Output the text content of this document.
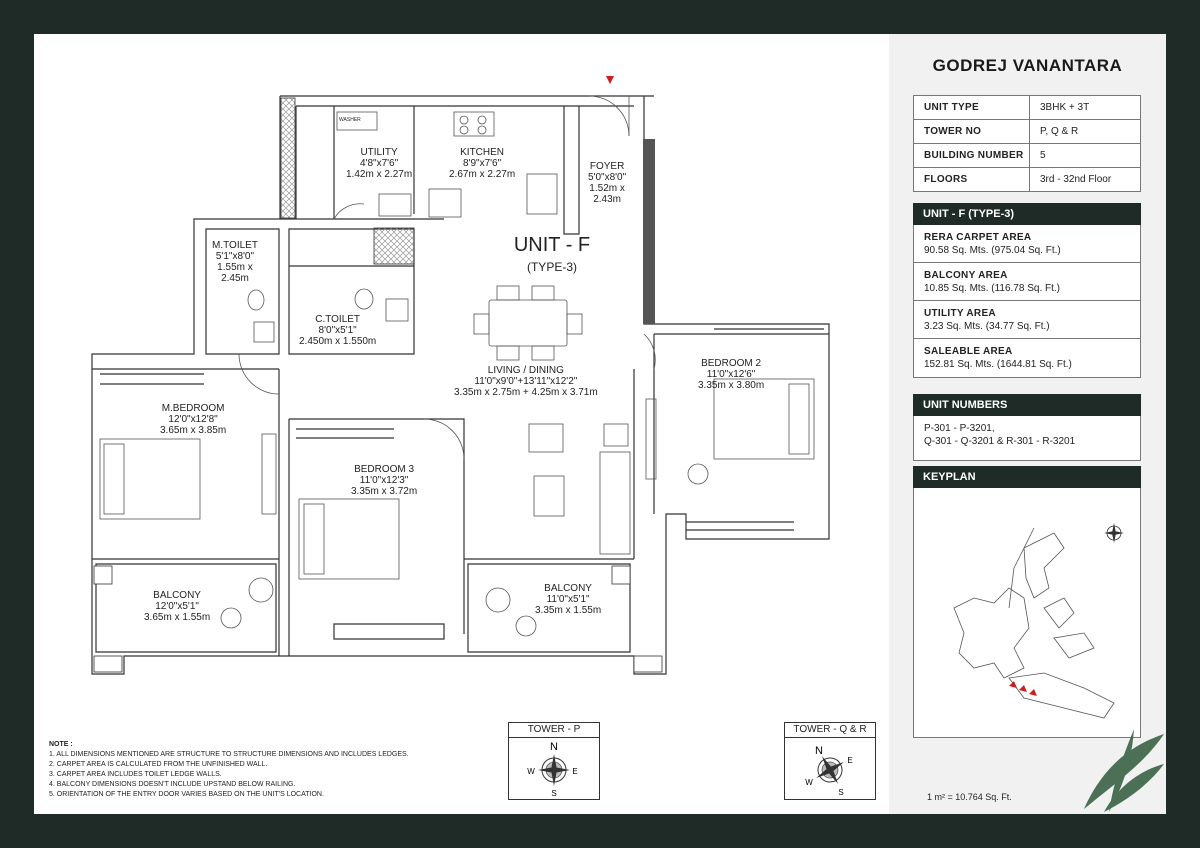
UTILITY
4'8"x7'6"
1.42m x 2.27m
KITCHEN
8'9"x7'6"
2.67m x 2.27m
FOYER
5'0"x8'0"
1.52m x
2.43m
M.TOILET
5'1"x8'0"
1.55m x
2.45m
C.TOILET
8'0"x5'1"
2.450m x 1.550m
UNIT - F
(TYPE-3)
LIVING / DINING
11'0"x9'0"+13'11"x12'2"
3.35m x 2.75m + 4.25m x 3.71m
BEDROOM 2
11'0"x12'6"
3.35m x 3.80m
M.BEDROOM
12'0"x12'8"
3.65m x 3.85m
BEDROOM 3
11'0"x12'3"
3.35m x 3.72m
BALCONY
12'0"x5'1"
3.65m x 1.55m
BALCONY
11'0"x5'1"
3.35m x 1.55m
WASHER
NOTE :
1. ALL DIMENSIONS MENTIONED ARE STRUCTURE TO STRUCTURE DIMENSIONS AND INCLUDES LEDGES.
2. CARPET AREA IS CALCULATED FROM THE UNFINISHED WALL.
3. CARPET AREA INCLUDES TOILET LEDGE WALLS.
4. BALCONY DIMENSIONS DOESN'T INCLUDE UPSTAND BELOW RAILING.
5. ORIENTATION OF THE ENTRY DOOR VARIES BASED ON THE UNIT'S LOCATION.
TOWER - P
N
S
E
W
TOWER - Q & R
N
S
E
W
GODREJ VANANTARA
UNIT TYPE	3BHK + 3T
TOWER NO	P, Q & R
BUILDING NUMBER	5
FLOORS	3rd - 32nd Floor
UNIT - F (TYPE-3)
RERA CARPET AREA
90.58 Sq. Mts. (975.04 Sq. Ft.)
BALCONY AREA
10.85 Sq. Mts. (116.78 Sq. Ft.)
UTILITY AREA
3.23 Sq. Mts. (34.77 Sq. Ft.)
SALEABLE AREA
152.81 Sq. Mts. (1644.81 Sq. Ft.)
UNIT NUMBERS
P-301 - P-3201,
Q-301 - Q-3201 & R-301 - R-3201
KEYPLAN
1 m² = 10.764 Sq. Ft.
